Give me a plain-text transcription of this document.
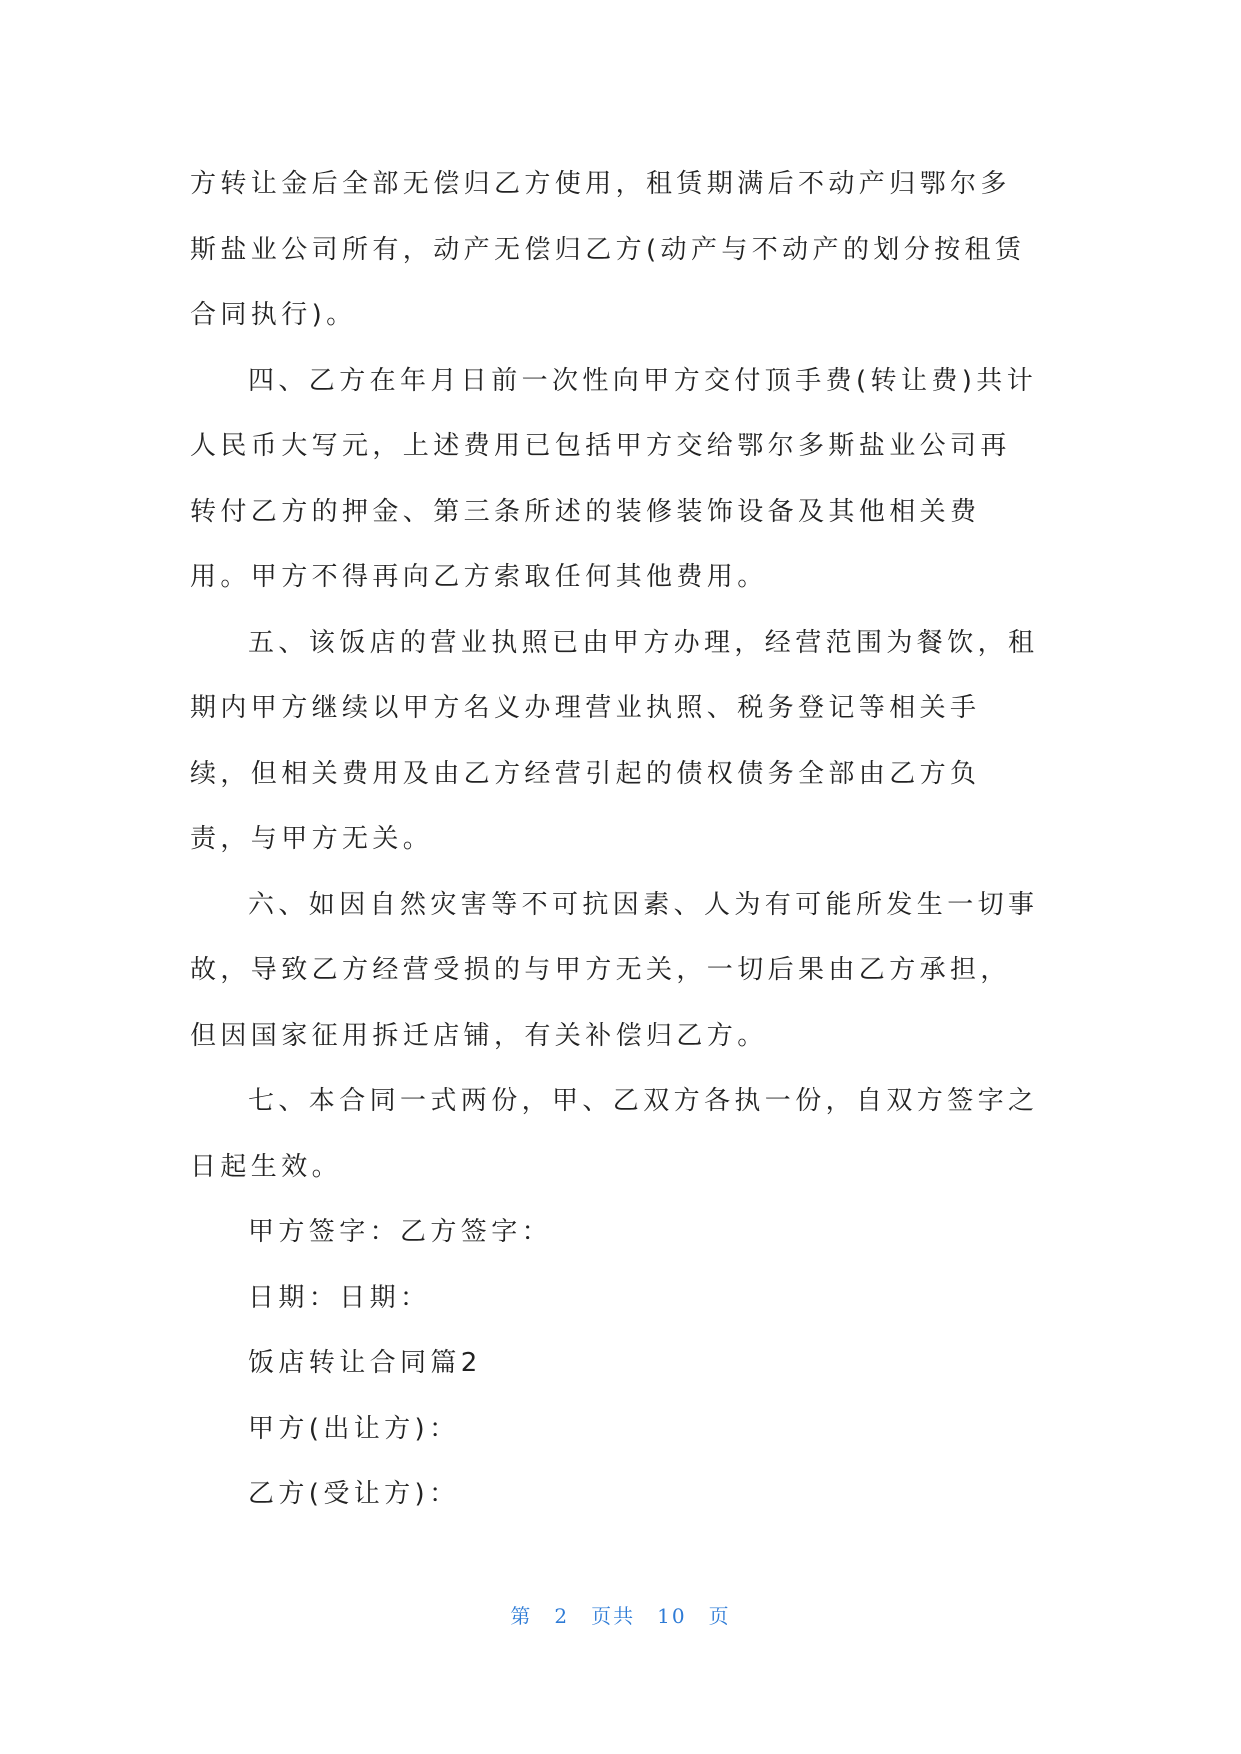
方转让金后全部无偿归乙方使用，租赁期满后不动产归鄂尔多斯盐业公司所有，动产无偿归乙方(动产与不动产的划分按租赁合同执行)。

四、乙方在年月日前一次性向甲方交付顶手费(转让费)共计人民币大写元，上述费用已包括甲方交给鄂尔多斯盐业公司再转付乙方的押金、第三条所述的装修装饰设备及其他相关费用。甲方不得再向乙方索取任何其他费用。

五、该饭店的营业执照已由甲方办理，经营范围为餐饮，租期内甲方继续以甲方名义办理营业执照、税务登记等相关手续，但相关费用及由乙方经营引起的债权债务全部由乙方负责，与甲方无关。

六、如因自然灾害等不可抗因素、人为有可能所发生一切事故，导致乙方经营受损的与甲方无关，一切后果由乙方承担，但因国家征用拆迁店铺，有关补偿归乙方。

七、本合同一式两份，甲、乙双方各执一份，自双方签字之日起生效。

甲方签字：乙方签字：

日期：日期：

饭店转让合同篇2

甲方(出让方)：

乙方(受让方)：

第 2 页共 10 页
